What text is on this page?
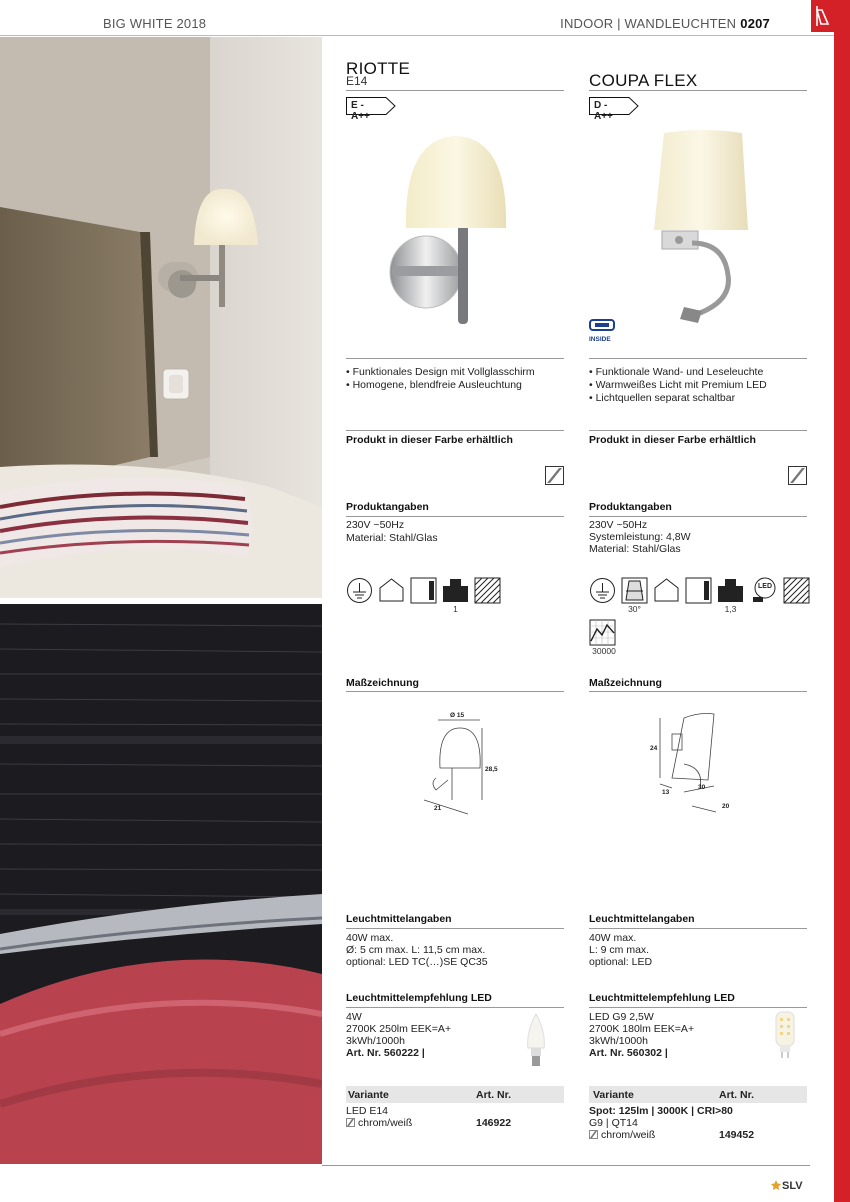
BIG WHITE 2018	INDOOR | WANDLEUCHTEN 0207
RIOTTE
E14
E - A++
• Funktionales Design mit Vollglasschirm
• Homogene, blendfreie Ausleuchtung
Produkt in dieser Farbe erhältlich
Produktangaben
230V ~50Hz
Material: Stahl/Glas
1
Maßzeichnung
Ø 15
28,5
21
Leuchtmittelangaben
40W max.
Ø: 5 cm max. L: 11,5 cm max.
optional: LED TC(…)SE QC35
Leuchtmittelempfehlung LED
4W
2700K 250lm EEK=A+
3kWh/1000h
Art. Nr. 560222 |
Variante	Art. Nr.
LED E14
chrom/weiß	146922
COUPA FLEX
D - A++
INSIDE
• Funktionale Wand- und Leseleuchte
• Warmweißes Licht mit Premium LED
• Lichtquellen separat schaltbar
Produkt in dieser Farbe erhältlich
Produktangaben
230V ~50Hz
Systemleistung: 4,8W
Material: Stahl/Glas
30°	1,3
LED
30000
Maßzeichnung
24
13
30
20
Leuchtmittelangaben
40W max.
L: 9 cm max.
optional: LED
Leuchtmittelempfehlung LED
LED G9 2,5W
2700K 180lm EEK=A+
3kWh/1000h
Art. Nr. 560302 |
Variante	Art. Nr.
Spot: 125lm | 3000K | CRI>80
G9 | QT14
chrom/weiß	149452
SLV
